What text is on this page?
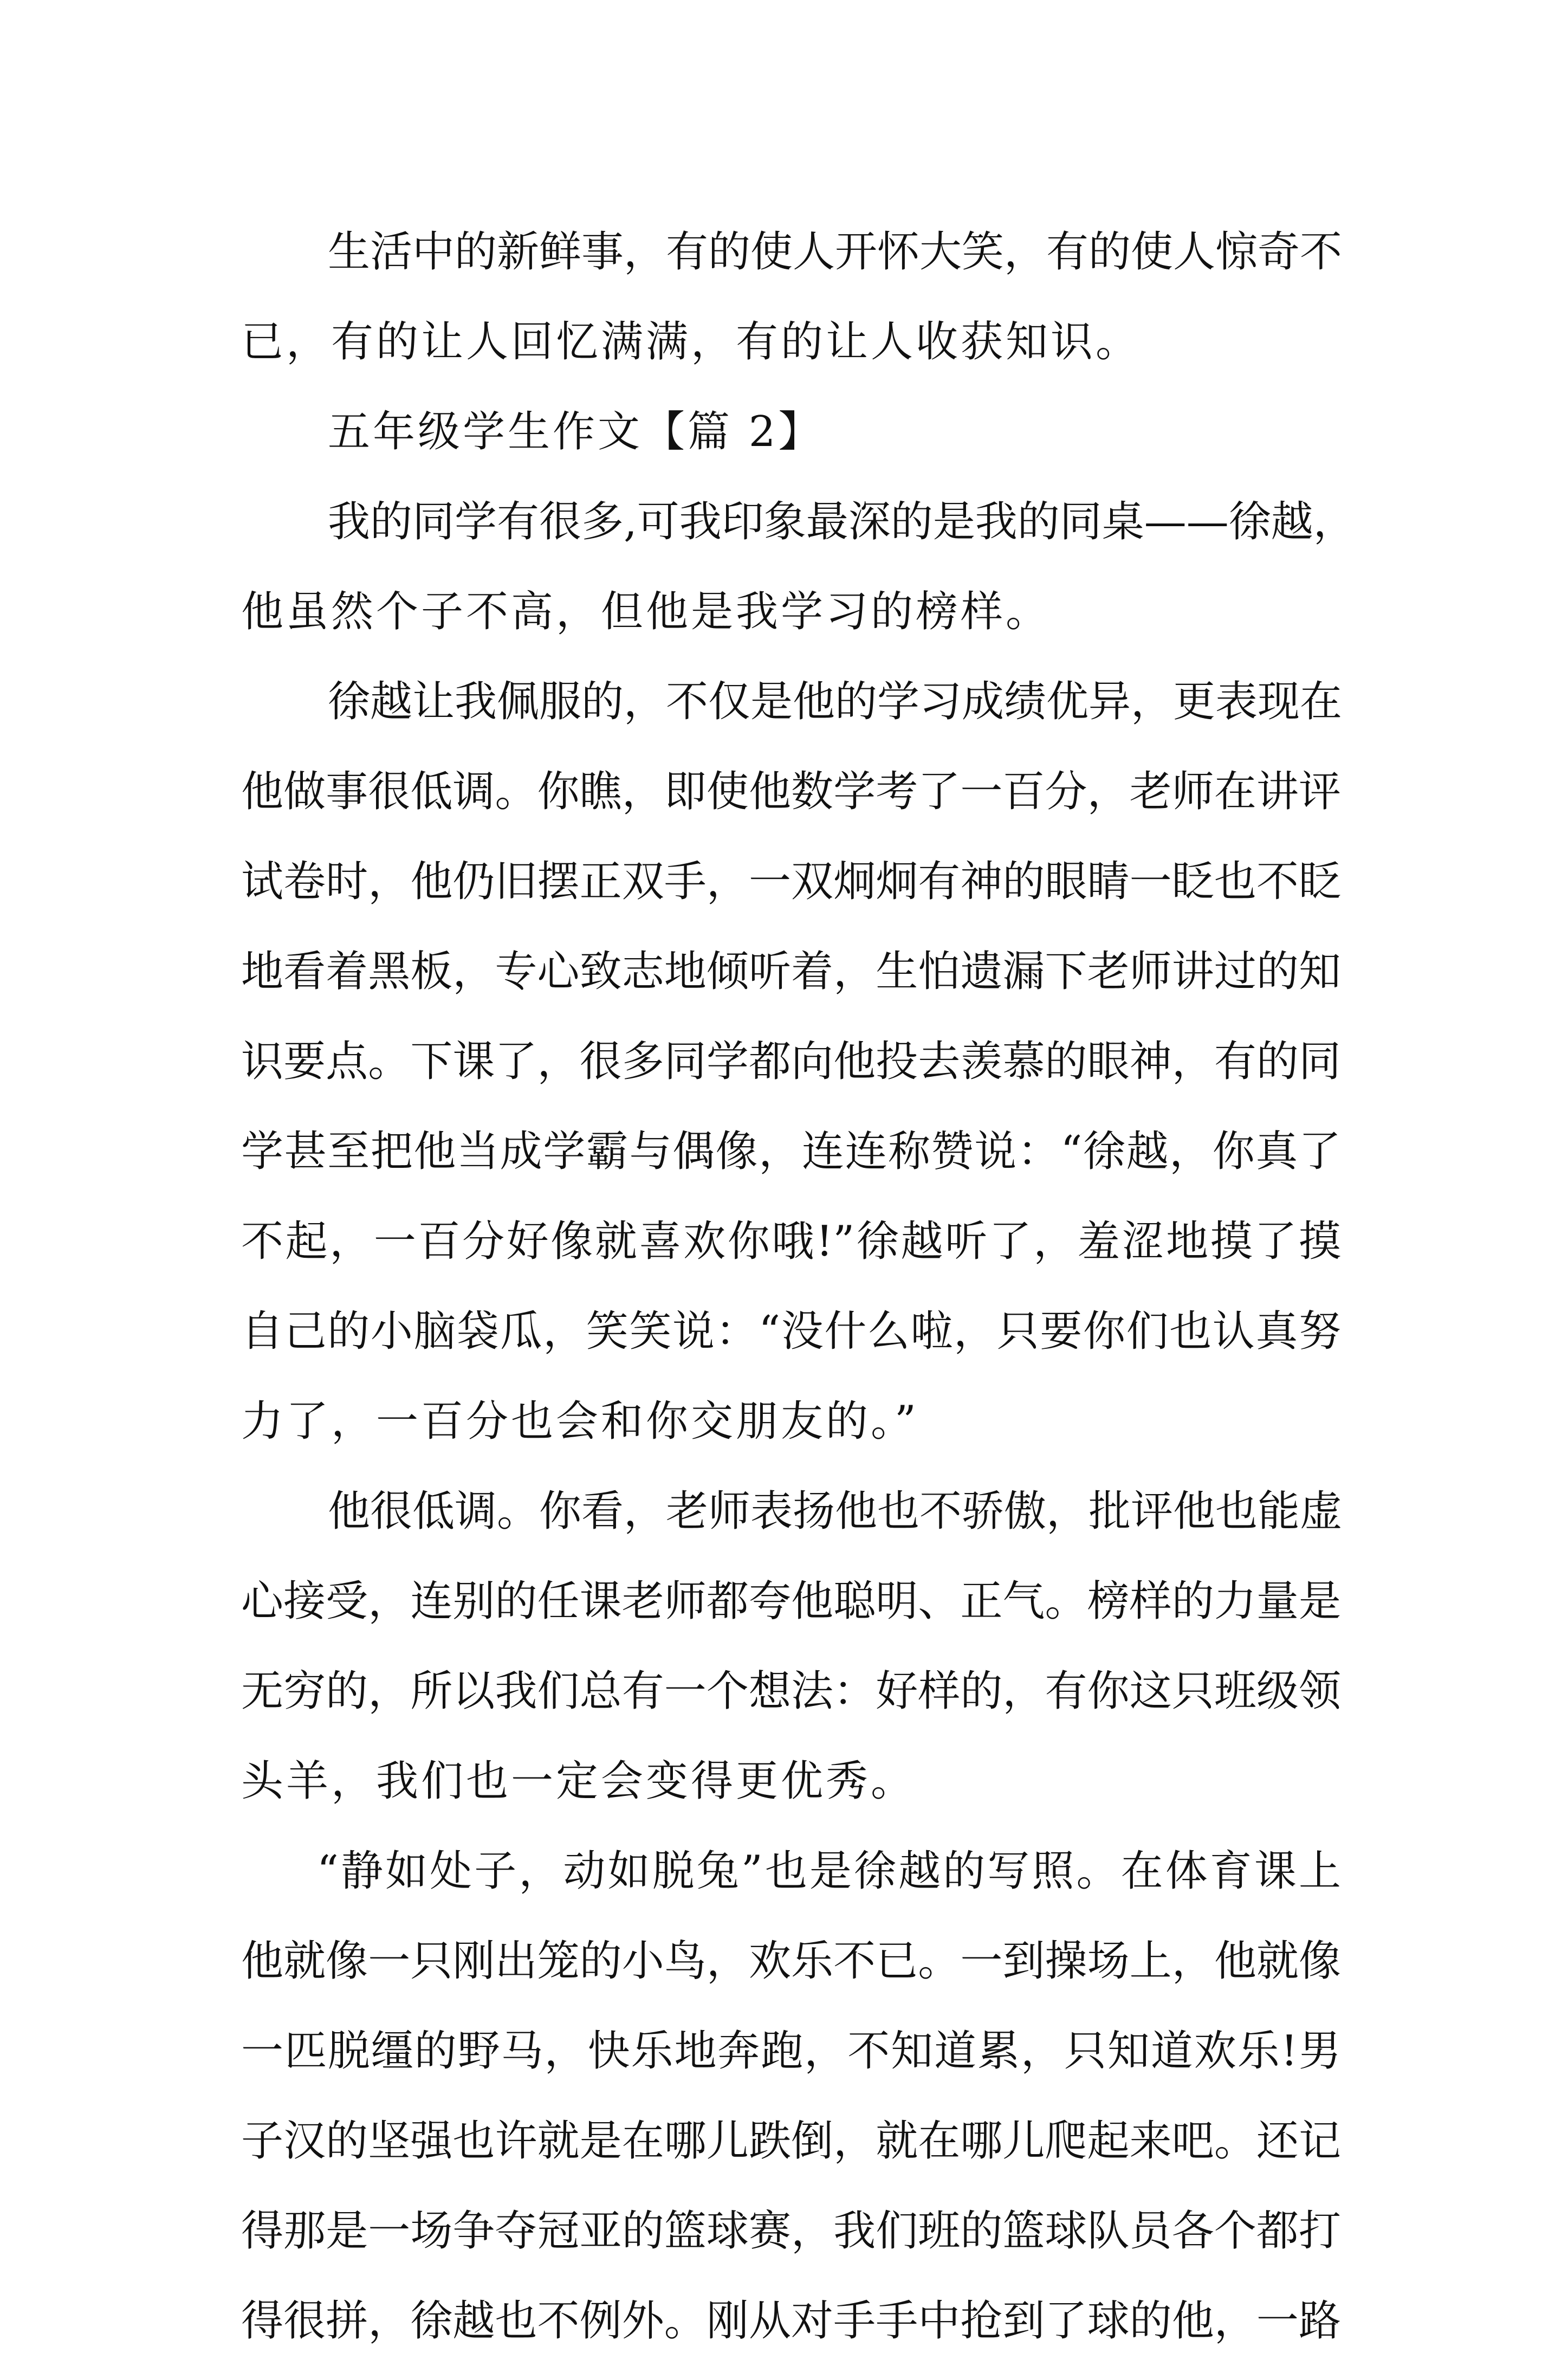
生活中的新鲜事，有的使人开怀大笑，有的使人惊奇不
已，有的让人回忆满满，有的让人收获知识。
五年级学生作文【篇 2】
我的同学有很多,可我印象最深的是我的同桌——徐越，
他虽然个子不高，但他是我学习的榜样。
徐越让我佩服的，不仅是他的学习成绩优异，更表现在
他做事很低调。你瞧，即使他数学考了一百分，老师在讲评
试卷时，他仍旧摆正双手，一双炯炯有神的眼睛一眨也不眨
地看着黑板，专心致志地倾听着，生怕遗漏下老师讲过的知
识要点。下课了，很多同学都向他投去羡慕的眼神，有的同
学甚至把他当成学霸与偶像，连连称赞说：“徐越，你真了
不起，一百分好像就喜欢你哦!”徐越听了，羞涩地摸了摸
自己的小脑袋瓜，笑笑说：“没什么啦，只要你们也认真努
力了，一百分也会和你交朋友的。”
他很低调。你看，老师表扬他也不骄傲，批评他也能虚
心接受，连别的任课老师都夸他聪明、正气。榜样的力量是
无穷的，所以我们总有一个想法：好样的，有你这只班级领
头羊，我们也一定会变得更优秀。
“静如处子，动如脱兔”也是徐越的写照。在体育课上
他就像一只刚出笼的小鸟，欢乐不已。一到操场上，他就像
一匹脱缰的野马，快乐地奔跑，不知道累，只知道欢乐!男
子汉的坚强也许就是在哪儿跌倒，就在哪儿爬起来吧。还记
得那是一场争夺冠亚的篮球赛，我们班的篮球队员各个都打
得很拼，徐越也不例外。刚从对手手中抢到了球的他，一路
